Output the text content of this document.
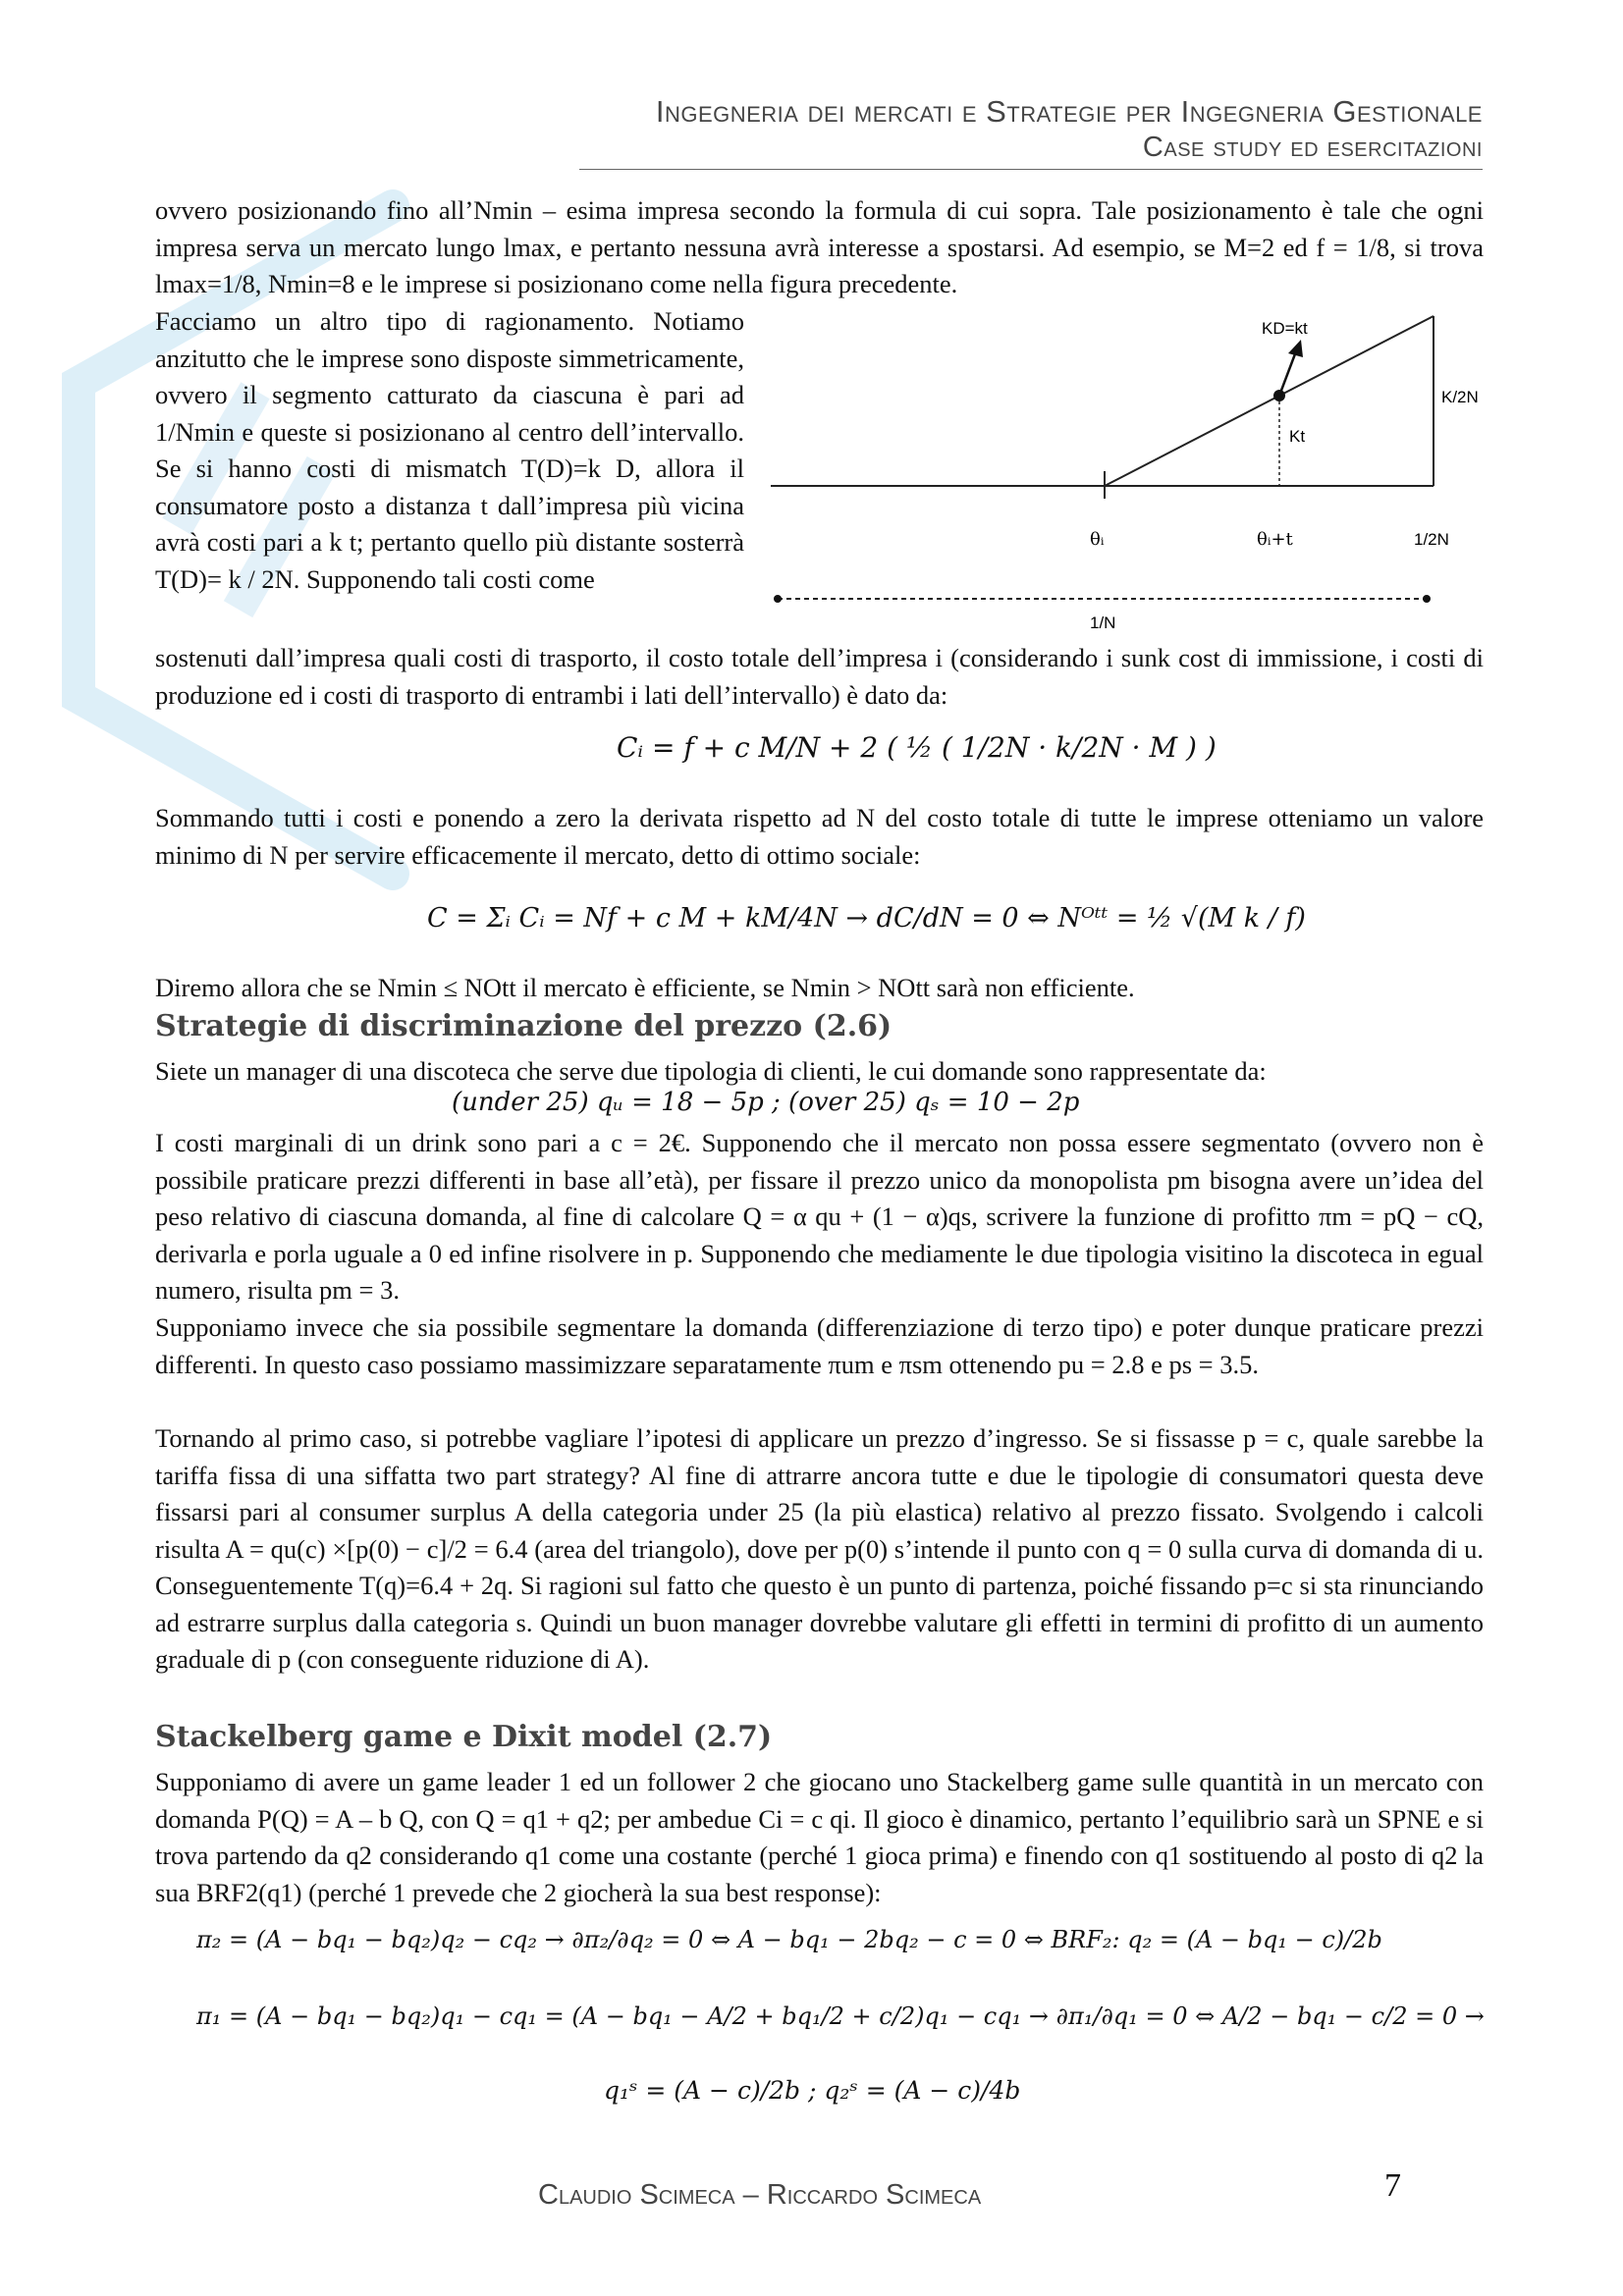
Ingegneria dei mercati e Strategie per Ingegneria Gestionale
Case study ed esercitazioni
ovvero posizionando fino all’Nmin – esima impresa secondo la formula di cui sopra. Tale posizionamento è tale che ogni impresa serva un mercato lungo lmax, e pertanto nessuna avrà interesse a spostarsi. Ad esempio, se M=2 ed f = 1/8, si trova lmax=1/8, Nmin=8 e le imprese si posizionano come nella figura precedente.
Facciamo un altro tipo di ragionamento. Notiamo anzitutto che le imprese sono disposte simmetricamente, ovvero il segmento catturato da ciascuna è pari ad 1/Nmin e queste si posizionano al centro dell’intervallo. Se si hanno costi di mismatch T(D)=k D, allora il consumatore posto a distanza t dall’impresa più vicina avrà costi pari a k t; pertanto quello più distante sosterrà T(D)= k / 2N. Supponendo tali costi come
KD=kt
K/2N
Kt
θᵢ	θᵢ+t	1/2N
1/N
sostenuti dall’impresa quali costi di trasporto, il costo totale dell’impresa i (considerando i sunk cost di immissione, i costi di produzione ed i costi di trasporto di entrambi i lati dell’intervallo) è dato da:
Cᵢ = f + c M/N + 2 ( ½ ( 1/2N · k/2N · M ) )
Sommando tutti i costi e ponendo a zero la derivata rispetto ad N del costo totale di tutte le imprese otteniamo un valore minimo di N per servire efficacemente il mercato, detto di ottimo sociale:
C = Σᵢ Cᵢ = Nf + c M + kM/4N → dC/dN = 0 ⇔ Nᴼᵗᵗ = ½ √(M k / f)
Diremo allora che se Nmin ≤ NOtt il mercato è efficiente, se Nmin > NOtt sarà non efficiente.
Strategie di discriminazione del prezzo (2.6)
Siete un manager di una discoteca che serve due tipologia di clienti, le cui domande sono rappresentate da:
(under 25) qᵤ = 18 − 5p ; (over 25) qₛ = 10 − 2p
I costi marginali di un drink sono pari a c = 2€. Supponendo che il mercato non possa essere segmentato (ovvero non è possibile praticare prezzi differenti in base all’età), per fissare il prezzo unico da monopolista pm bisogna avere un’idea del peso relativo di ciascuna domanda, al fine di calcolare Q = α qu + (1 − α)qs, scrivere la funzione di profitto πm = pQ − cQ, derivarla e porla uguale a 0 ed infine risolvere in p. Supponendo che mediamente le due tipologia visitino la discoteca in egual numero, risulta pm = 3.
Supponiamo invece che sia possibile segmentare la domanda (differenziazione di terzo tipo) e poter dunque praticare prezzi differenti. In questo caso possiamo massimizzare separatamente πum e πsm ottenendo pu = 2.8 e ps = 3.5.
Tornando al primo caso, si potrebbe vagliare l’ipotesi di applicare un prezzo d’ingresso. Se si fissasse p = c, quale sarebbe la tariffa fissa di una siffatta two part strategy? Al fine di attrarre ancora tutte e due le tipologie di consumatori questa deve fissarsi pari al consumer surplus A della categoria under 25 (la più elastica) relativo al prezzo fissato. Svolgendo i calcoli risulta A = qu(c) ×[p(0) − c]/2 = 6.4 (area del triangolo), dove per p(0) s’intende il punto con q = 0 sulla curva di domanda di u. Conseguentemente T(q)=6.4 + 2q. Si ragioni sul fatto che questo è un punto di partenza, poiché fissando p=c si sta rinunciando ad estrarre surplus dalla categoria s. Quindi un buon manager dovrebbe valutare gli effetti in termini di profitto di un aumento graduale di p (con conseguente riduzione di A).
Stackelberg game e Dixit model (2.7)
Supponiamo di avere un game leader 1 ed un follower 2 che giocano uno Stackelberg game sulle quantità in un mercato con domanda P(Q) = A – b Q, con Q = q1 + q2; per ambedue Ci = c qi. Il gioco è dinamico, pertanto l’equilibrio sarà un SPNE e si trova partendo da q2 considerando q1 come una costante (perché 1 gioca prima) e finendo con q1 sostituendo al posto di q2 la sua BRF2(q1) (perché 1 prevede che 2 giocherà la sua best response):
π₂ = (A − bq₁ − bq₂)q₂ − cq₂ → ∂π₂/∂q₂ = 0 ⇔ A − bq₁ − 2bq₂ − c = 0 ⇔ BRF₂: q₂ = (A − bq₁ − c)/2b
π₁ = (A − bq₁ − bq₂)q₁ − cq₁ = (A − bq₁ − A/2 + bq₁/2 + c/2)q₁ − cq₁ → ∂π₁/∂q₁ = 0 ⇔ A/2 − bq₁ − c/2 = 0 →
q₁ˢ = (A − c)/2b ; q₂ˢ = (A − c)/4b
Claudio Scimeca – Riccardo Scimeca	7
